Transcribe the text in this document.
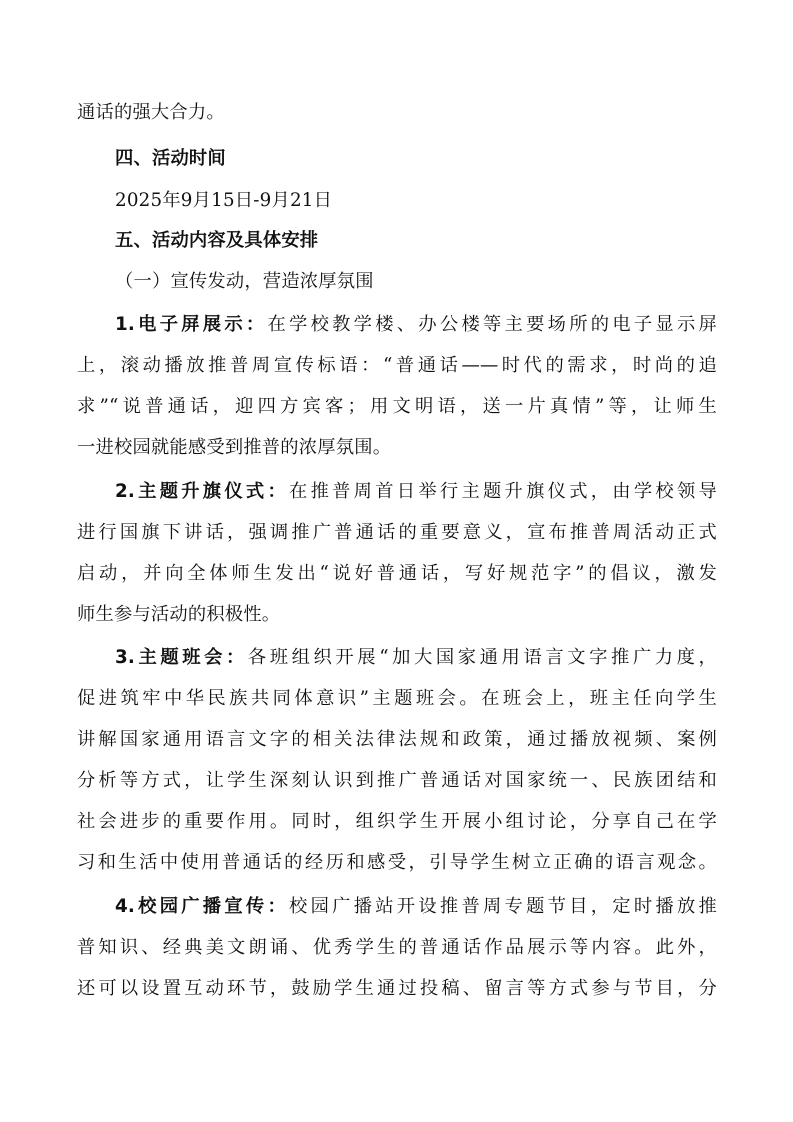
通话的强大合力。
四、活动时间
2025年9月15日-9月21日
五、活动内容及具体安排
（一）宣传发动，营造浓厚氛围
1.电子屏展示：在学校教学楼、办公楼等主要场所的电子显示屏
上，滚动播放推普周宣传标语：“普通话——时代的需求，时尚的追
求”“说普通话，迎四方宾客；用文明语，送一片真情”等，让师生
一进校园就能感受到推普的浓厚氛围。
2.主题升旗仪式：在推普周首日举行主题升旗仪式，由学校领导
进行国旗下讲话，强调推广普通话的重要意义，宣布推普周活动正式
启动，并向全体师生发出“说好普通话，写好规范字”的倡议，激发
师生参与活动的积极性。
3.主题班会：各班组织开展“加大国家通用语言文字推广力度，
促进筑牢中华民族共同体意识”主题班会。在班会上，班主任向学生
讲解国家通用语言文字的相关法律法规和政策，通过播放视频、案例
分析等方式，让学生深刻认识到推广普通话对国家统一、民族团结和
社会进步的重要作用。同时，组织学生开展小组讨论，分享自己在学
习和生活中使用普通话的经历和感受，引导学生树立正确的语言观念。
4.校园广播宣传：校园广播站开设推普周专题节目，定时播放推
普知识、经典美文朗诵、优秀学生的普通话作品展示等内容。此外，
还可以设置互动环节，鼓励学生通过投稿、留言等方式参与节目，分
